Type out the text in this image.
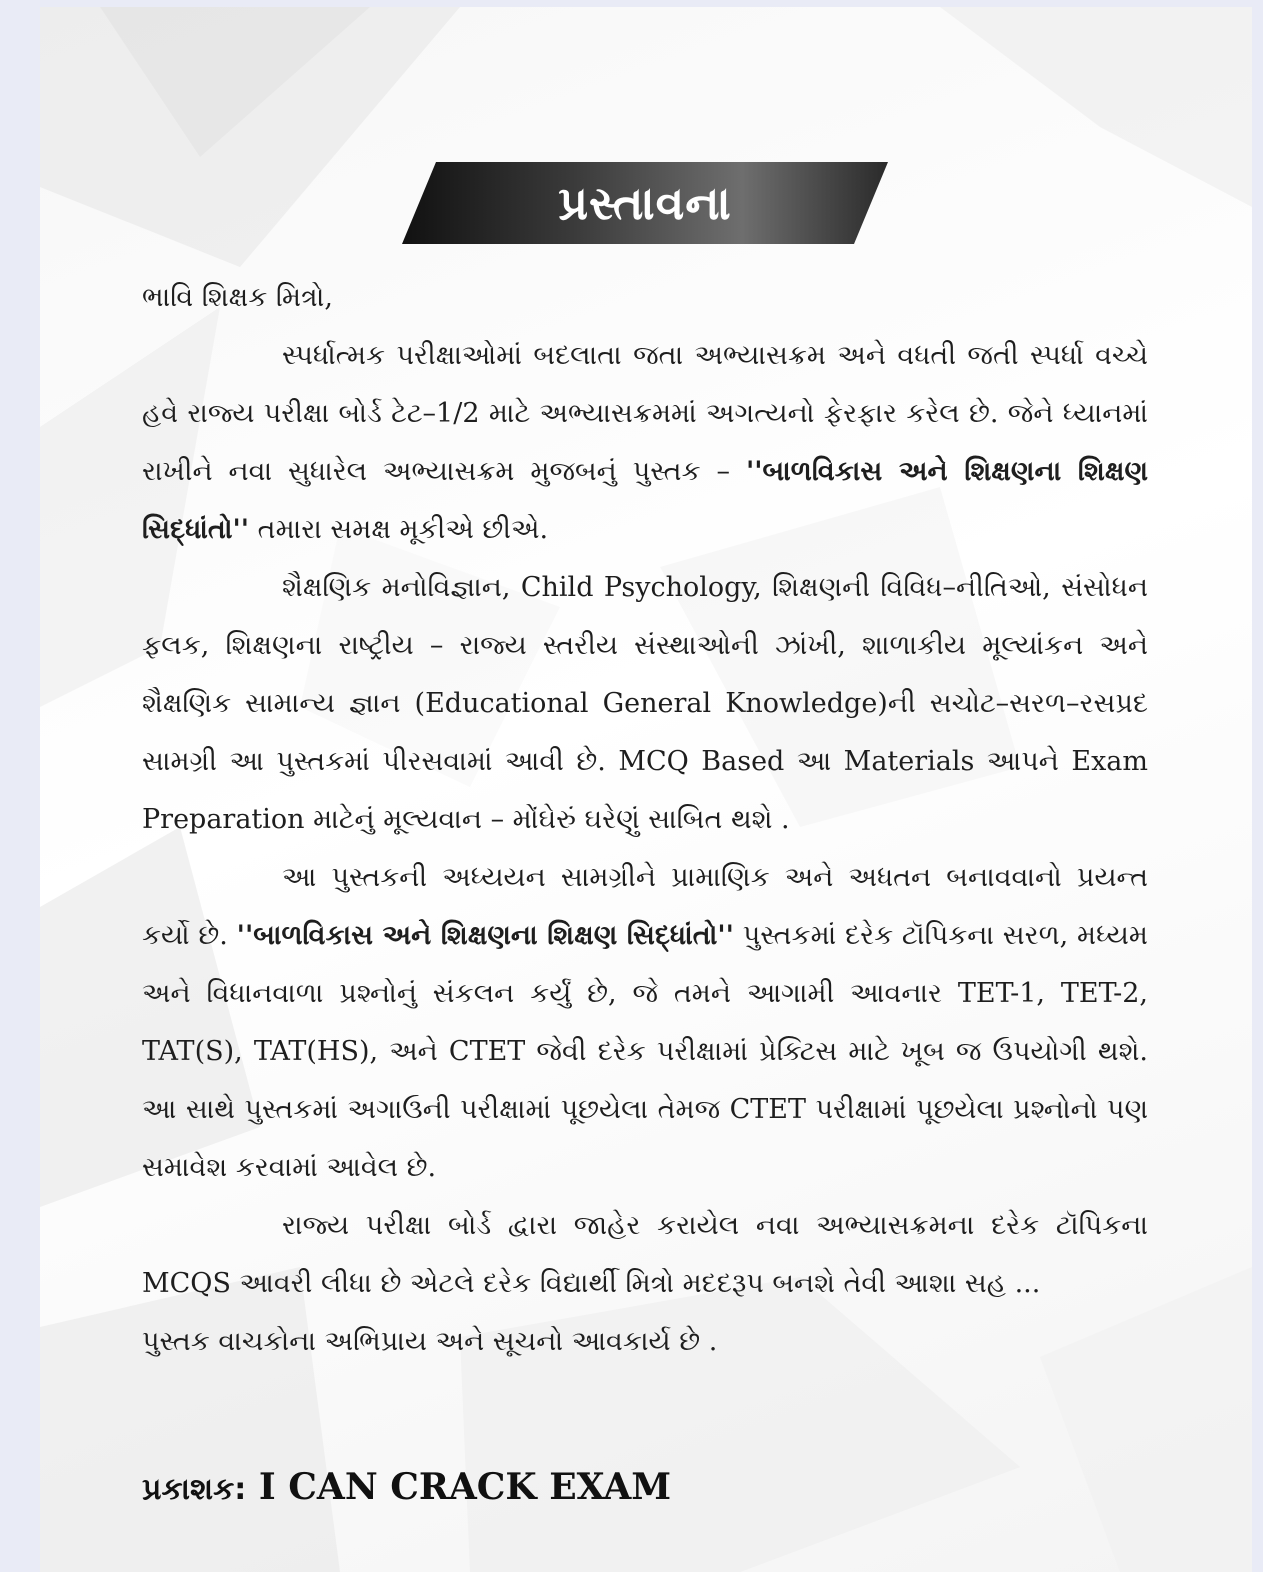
પ્રસ્તાવના

ભાવિ શિક્ષક મિત્રો,

સ્પર્ધાત્મક પરીક્ષાઓમાં બદલાતા જતા અભ્યાસક્રમ અને વધતી જતી સ્પર્ધા વચ્ચે હવે રાજ્ય પરીક્ષા બોર્ડ ટેટ–1/2 માટે અભ્યાસક્રમમાં અગત્યનો ફેરફાર કરેલ છે. જેને ધ્યાનમાં રાખીને નવા સુધારેલ અભ્યાસક્રમ મુજબનું પુસ્તક – ''બાળવિકાસ અને શિક્ષણના શિક્ષણ સિદ્ધાંતો'' તમારા સમક્ષ મૂકીએ છીએ.

શૈક્ષણિક મનોવિજ્ઞાન, Child Psychology, શિક્ષણની વિવિધ–નીતિઓ, સંસોધન ફલક, શિક્ષણના રાષ્ટ્રીય – રાજ્ય સ્તરીય સંસ્થાઓની ઝાંખી, શાળાકીય મૂલ્યાંકન અને શૈક્ષણિક સામાન્ય જ્ઞાન (Educational General Knowledge)ની સચોટ–સરળ–રસપ્રદ સામગ્રી આ પુસ્તકમાં પીરસવામાં આવી છે. MCQ Based આ Materials આપને Exam Preparation માટેનું મૂલ્યવાન – મોંઘેરું ઘરેણું સાબિત થશે .

આ પુસ્તકની અધ્યયન સામગ્રીને પ્રામાણિક અને અધતન બનાવવાનો પ્રયન્ત કર્યો છે. ''બાળવિકાસ અને શિક્ષણના શિક્ષણ સિદ્ધાંતો'' પુસ્તકમાં દરેક ટૉપિકના સરળ, મધ્યમ અને વિધાનવાળા પ્રશ્નોનું સંકલન કર્યું છે, જે તમને આગામી આવનાર TET-1, TET-2, TAT(S), TAT(HS), અને CTET જેવી દરેક પરીક્ષામાં પ્રેક્ટિસ માટે ખૂબ જ ઉપયોગી થશે. આ સાથે પુસ્તકમાં અગાઉની પરીક્ષામાં પૂછયેલા તેમજ CTET પરીક્ષામાં પૂછયેલા પ્રશ્નોનો પણ સમાવેશ કરવામાં આવેલ છે.

રાજ્ય પરીક્ષા બોર્ડ દ્વારા જાહેર કરાયેલ નવા અભ્યાસક્રમના દરેક ટૉપિકના MCQS આવરી લીધા છે એટલે દરેક વિદ્યાર્થી મિત્રો મદદરૂપ બનશે તેવી આશા સહ ...

પુસ્તક વાચકોના અભિપ્રાય અને સૂચનો આવકાર્ય છે .

પ્રકાશક: I CAN CRACK EXAM
